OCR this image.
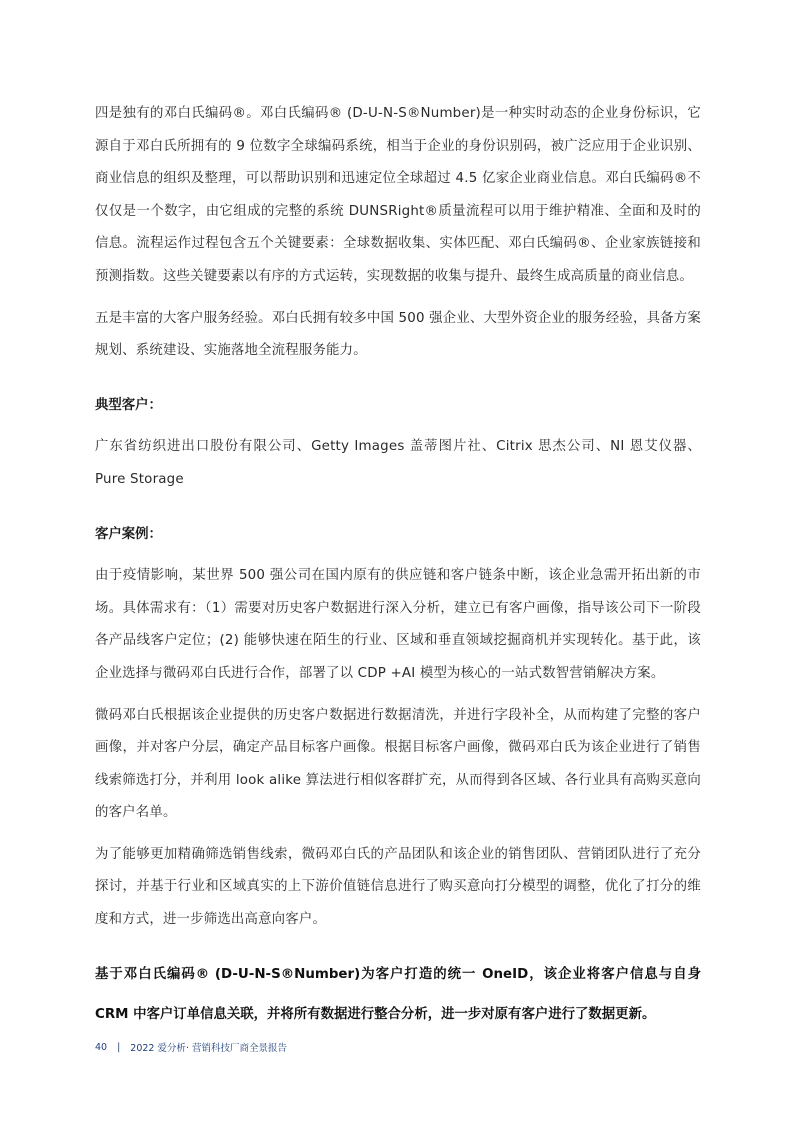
四是独有的邓白氏编码®。邓白氏编码® (D-U-N-S®Number)是一种实时动态的企业身份标识，它源自于邓白氏所拥有的 9 位数字全球编码系统，相当于企业的身份识别码，被广泛应用于企业识别、商业信息的组织及整理，可以帮助识别和迅速定位全球超过 4.5 亿家企业商业信息。邓白氏编码®不仅仅是一个数字，由它组成的完整的系统 DUNSRight®质量流程可以用于维护精准、全面和及时的信息。流程运作过程包含五个关键要素：全球数据收集、实体匹配、邓白氏编码®、企业家族链接和预测指数。这些关键要素以有序的方式运转，实现数据的收集与提升、最终生成高质量的商业信息。

五是丰富的大客户服务经验。邓白氏拥有较多中国 500 强企业、大型外资企业的服务经验，具备方案规划、系统建设、实施落地全流程服务能力。

典型客户：

广东省纺织进出口股份有限公司、Getty Images 盖蒂图片社、Citrix 思杰公司、NI 恩艾仪器、Pure Storage

客户案例：

由于疫情影响，某世界 500 强公司在国内原有的供应链和客户链条中断，该企业急需开拓出新的市场。具体需求有：（1）需要对历史客户数据进行深入分析，建立已有客户画像，指导该公司下一阶段各产品线客户定位；(2) 能够快速在陌生的行业、区域和垂直领域挖掘商机并实现转化。基于此，该企业选择与微码邓白氏进行合作，部署了以 CDP +AI 模型为核心的一站式数智营销解决方案。

微码邓白氏根据该企业提供的历史客户数据进行数据清洗，并进行字段补全，从而构建了完整的客户画像，并对客户分层，确定产品目标客户画像。根据目标客户画像，微码邓白氏为该企业进行了销售线索筛选打分，并利用 look alike 算法进行相似客群扩充，从而得到各区域、各行业具有高购买意向的客户名单。

为了能够更加精确筛选销售线索，微码邓白氏的产品团队和该企业的销售团队、营销团队进行了充分探讨，并基于行业和区域真实的上下游价值链信息进行了购买意向打分模型的调整，优化了打分的维度和方式，进一步筛选出高意向客户。

基于邓白氏编码® (D-U-N-S®Number)为客户打造的统一 OneID，该企业将客户信息与自身 CRM 中客户订单信息关联，并将所有数据进行整合分析，进一步对原有客户进行了数据更新。

40 | 2022 爱分析· 营销科技厂商全景报告
